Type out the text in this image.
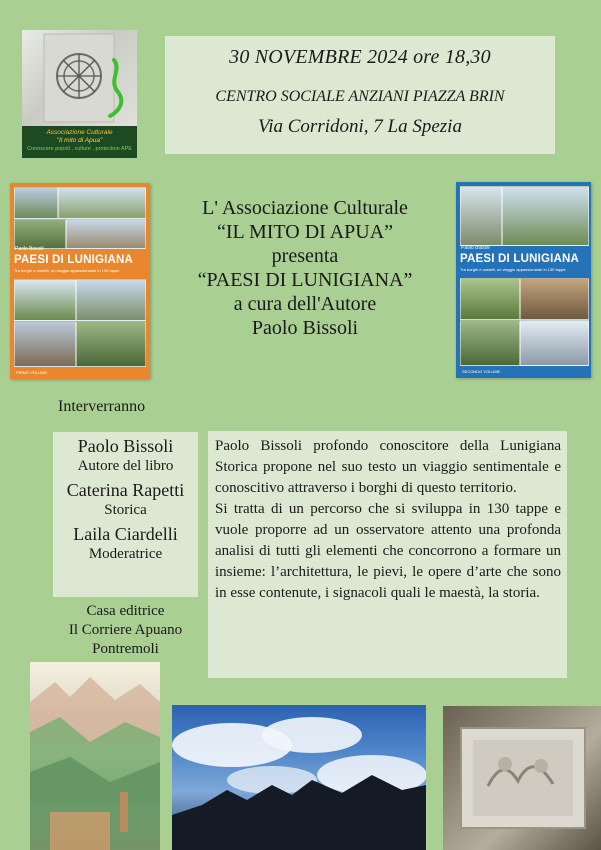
Associazione Culturale
"Il mito di Apua"
Conoscere popoli , culture , protection APE
30 NOVEMBRE 2024 ore 18,30
CENTRO SOCIALE ANZIANI PIAZZA BRIN
Via Corridoni, 7 La Spezia
Paolo Bissoli
PAESI DI LUNIGIANA
Tra borghi e castelli, un viaggio appassionante in 130 tappe
PRIMO VOLUME
Paolo Bissoli
PAESI DI LUNIGIANA
Tra borghi e castelli, un viaggio appassionante in 130 tappe
SECONDO VOLUME
L' Associazione Culturale
“IL MITO DI APUA”
presenta
“PAESI DI LUNIGIANA”
a cura dell'Autore
Paolo Bissoli
Interverranno
Paolo Bissoli
Autore del libro
Caterina Rapetti
Storica
Laila Ciardelli
Moderatrice
Casa editrice
Il Corriere Apuano
Pontremoli

Paolo Bissoli profondo conoscitore della Lunigiana Storica propone nel suo testo un viaggio sentimentale e conoscitivo attraverso i borghi di questo territorio.

Si tratta di un percorso che si sviluppa in 130 tappe e vuole proporre ad un osservatore attento una profonda analisi di tutti gli elementi che concorrono a formare un insieme: l’architettura, le pievi, le opere d’arte che sono in esse contenute, i signacoli quali le maestà, la storia.
